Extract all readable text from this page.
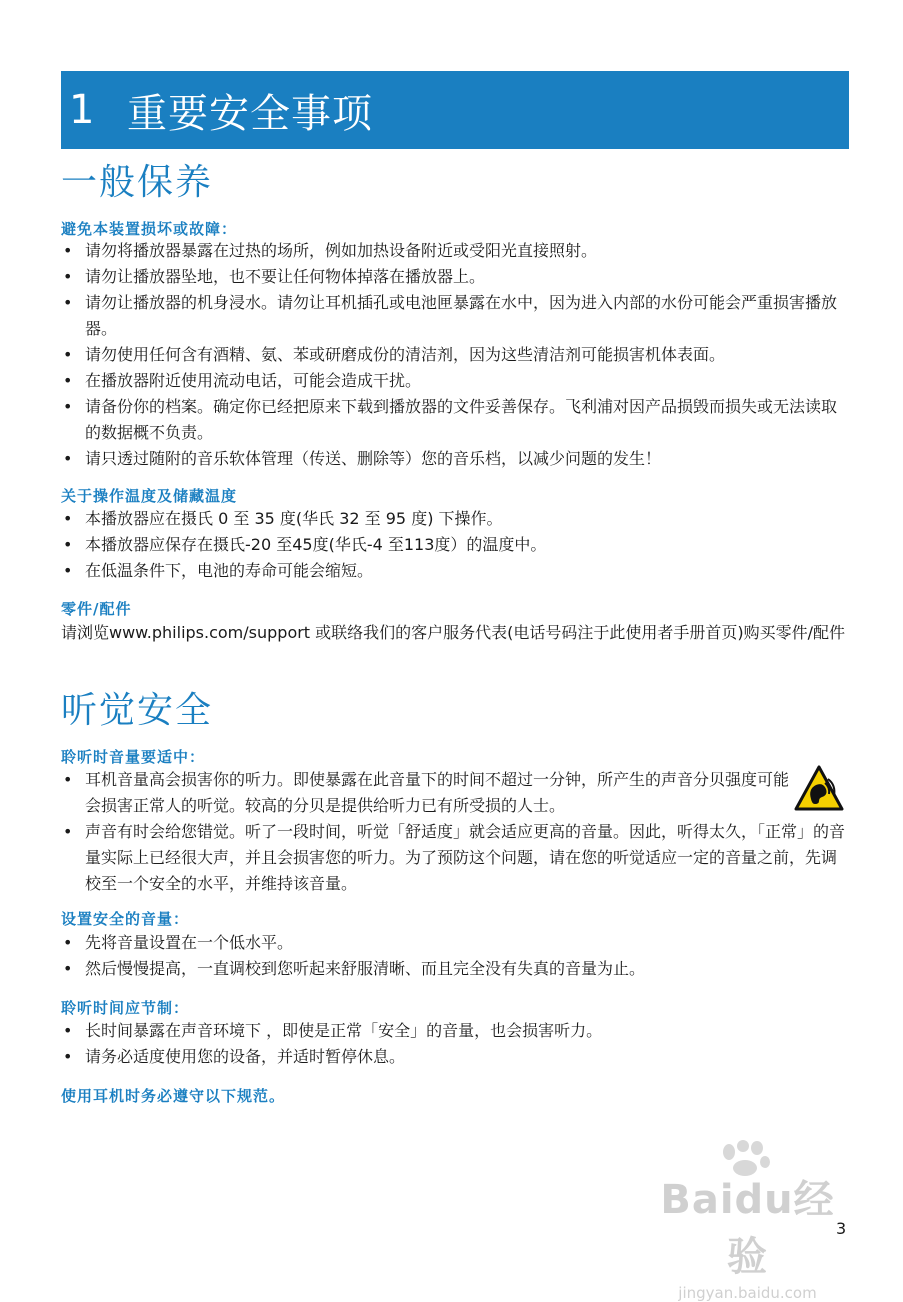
1 重要安全事项
一般保养
避免本装置损坏或故障：
• 请勿将播放器暴露在过热的场所，例如加热设备附近或受阳光直接照射。
• 请勿让播放器坠地，也不要让任何物体掉落在播放器上。
• 请勿让播放器的机身浸水。请勿让耳机插孔或电池匣暴露在水中，因为进入内部的水份可能会严重损害播放器。
• 请勿使用任何含有酒精、氨、苯或研磨成份的清洁剂，因为这些清洁剂可能损害机体表面。
• 在播放器附近使用流动电话，可能会造成干扰。
• 请备份你的档案。确定你已经把原来下载到播放器的文件妥善保存。飞利浦对因产品损毁而损失或无法读取的数据概不负责。
• 请只透过随附的音乐软体管理（传送、删除等）您的音乐档，以减少问题的发生！
关于操作温度及储藏温度
• 本播放器应在摄氏 0 至 35 度(华氏 32 至 95 度) 下操作。
• 本播放器应保存在摄氏-20 至45度(华氏-4 至113度）的温度中。
• 在低温条件下，电池的寿命可能会缩短。
零件/配件

请浏览www.philips.com/support 或联络我们的客户服务代表(电话号码注于此使用者手册首页)购买零件/配件

听觉安全
聆听时音量要适中：
• 耳机音量高会损害你的听力。即使暴露在此音量下的时间不超过一分钟，所产生的声音分贝强度可能会损害正常人的听觉。较高的分贝是提供给听力已有所受损的人士。
• 声音有时会给您错觉。听了一段时间，听觉「舒适度」就会适应更高的音量。因此，听得太久，「正常」的音量实际上已经很大声，并且会损害您的听力。为了预防这个问题，请在您的听觉适应一定的音量之前，先调校至一个安全的水平，并维持该音量。
设置安全的音量：
• 先将音量设置在一个低水平。
• 然后慢慢提高，一直调校到您听起来舒服清晰、而且完全没有失真的音量为止。
聆听时间应节制：
• 长时间暴露在声音环境下 ，即使是正常「安全」的音量，也会损害听力。
• 请务必适度使用您的设备，并适时暂停休息。
使用耳机时务必遵守以下规范。
Baidu经验
jingyan.baidu.com
3
